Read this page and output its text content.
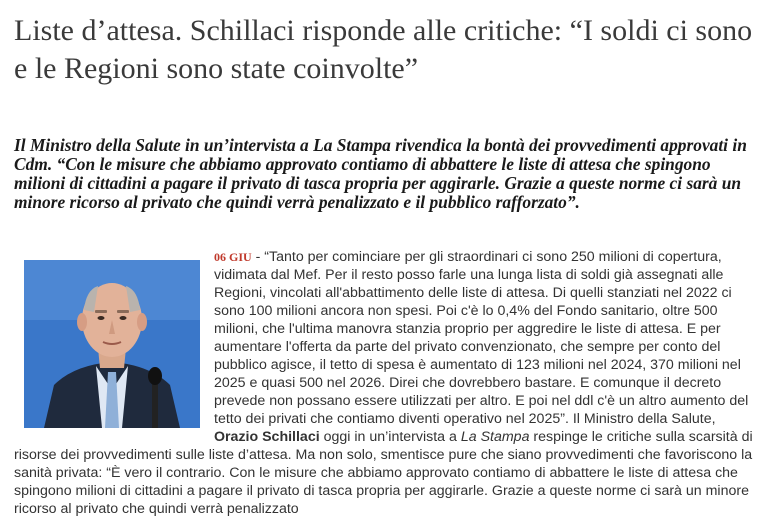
Liste d’attesa. Schillaci risponde alle critiche: “I soldi ci sono e le Regioni sono state coinvolte”

Il Ministro della Salute in un’intervista a La Stampa rivendica la bontà dei provvedimenti approvati in Cdm. “Con le misure che abbiamo approvato contiamo di abbattere le liste di attesa che spingono milioni di cittadini a pagare il privato di tasca propria per aggirarle. Grazie a queste norme ci sarà un minore ricorso al privato che quindi verrà penalizzato e il pubblico rafforzato”.

06 GIU - “Tanto per cominciare per gli straordinari ci sono 250 milioni di copertura, vidimata dal Mef. Per il resto posso farle una lunga lista di soldi già assegnati alle Regioni, vincolati all'abbattimento delle liste di attesa. Di quelli stanziati nel 2022 ci sono 100 milioni ancora non spesi. Poi c'è lo 0,4% del Fondo sanitario, oltre 500 milioni, che l'ultima manovra stanzia proprio per aggredire le liste di attesa. E per aumentare l'offerta da parte del privato convenzionato, che sempre per conto del pubblico agisce, il tetto di spesa è aumentato di 123 milioni nel 2024, 370 milioni nel 2025 e quasi 500 nel 2026. Direi che dovrebbero bastare. E comunque il decreto prevede non possano essere utilizzati per altro. E poi nel ddl c'è un altro aumento del tetto dei privati che contiamo diventi operativo nel 2025”. Il Ministro della Salute, Orazio Schillaci oggi in un’intervista a La Stampa respinge le critiche sulla scarsità di risorse dei provvedimenti sulle liste d’attesa. Ma non solo, smentisce pure che siano provvedimenti che favoriscono la sanità privata: “È vero il contrario. Con le misure che abbiamo approvato contiamo di abbattere le liste di attesa che spingono milioni di cittadini a pagare il privato di tasca propria per aggirarle. Grazie a queste norme ci sarà un minore ricorso al privato che quindi verrà penalizzato
